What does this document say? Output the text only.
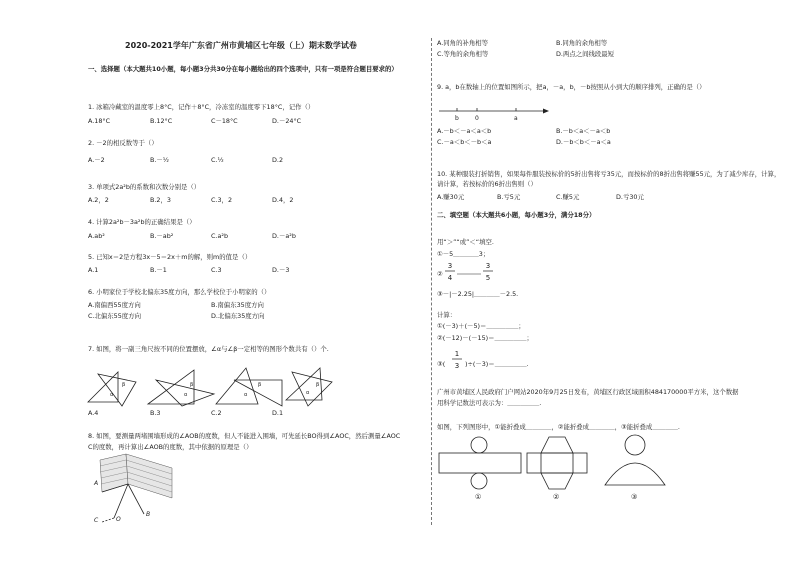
2020-2021学年广东省广州市黄埔区七年级（上）期末数学试卷
一、选择题（本大题共10小题，每小题3分共30分在每小题给出的四个选项中，只有一项是符合题目要求的）
1. 冰箱冷藏室的温度零上8°C，记作＋8°C，冷冻室的温度零下18°C，记作（）
A.18°C	B.12°C	C－18°C	D.－24°C
2. －2的相反数等于（）
A.－2	B.－½	C.½	D.2
3. 单项式2a²b的系数和次数分别是（）
A.2，2	B.2，3	C.3，2	D.4，2
4. 计算2a²b－3a²b的正确结果是（）
A.ab²	B.－ab²	C.a²b	D.－a²b
5. 已知x＝2是方程3x－5＝2x＋m的解，则m的值是（）
A.1	B.－1	C.3	D.－3
6. 小明家位于学校北偏东35度方向，那么学校位于小明家的（）
A.南偏西55度方向	B.南偏东35度方向
C.北偏东55度方向	D.北偏东35度方向
7. 如图，将一副三角尺按不同的位置摆放，∠α与∠β一定相等的图形个数共有（）个.
α
β
α
β
α
β
α
β
A.4	B.3	C.2	D.1
8. 如图，要测量两堵围墙形成的∠AOB的度数，但人不能进入围墙，可先延长BO得到∠AOC，然后测量∠AOC
C的度数，再计算出∠AOB的度数，其中依据的原理是（）
A
C	O
B
A.同角的补角相等	B.同角的余角相等
C.等角的余角相等	D.两点之间线段最短
9. a，b在数轴上的位置如图所示，把a，－a，b，－b按照从小到大的顺序排列，正确的是（）
b	0	a
A.－b＜－a＜a＜b	B.－b＜a＜－a＜b
C.－a＜b＜－b＜a	D.－b＜b＜－a＜a
10. 某种服装打折销售，如果每件服装按标价的5折出售将亏35元，而按标价的8折出售将赚55元，为了减少库存，计算，
请计算，若按标价的6折出售则（）
A.赚30元	B.亏5元	C.赚5元	D.亏30元
二、填空题（本大题共6小题，每小题3分，满分18分）
用“＞”“或”＜“填空.
①－5＿＿＿＿3；
②
3
4
3
5
③－|－2.25|＿＿＿＿－2.5.
计算：
①(－3)＋(－5)＝＿＿＿＿＿；
②(－12)－(－15)＝＿＿＿＿＿；
③(
1
3 )÷(－3)＝＿＿＿＿＿.
广州市黄埔区人民政府门户网站2020年9月25日发布，黄埔区行政区域面积484170000平方米，这个数据
用科学记数法可表示为：＿＿＿＿＿.
如图，下列图形中，①能折叠成＿＿＿＿，②能折叠成＿＿＿＿，③能折叠成＿＿＿＿.
①	②	③
